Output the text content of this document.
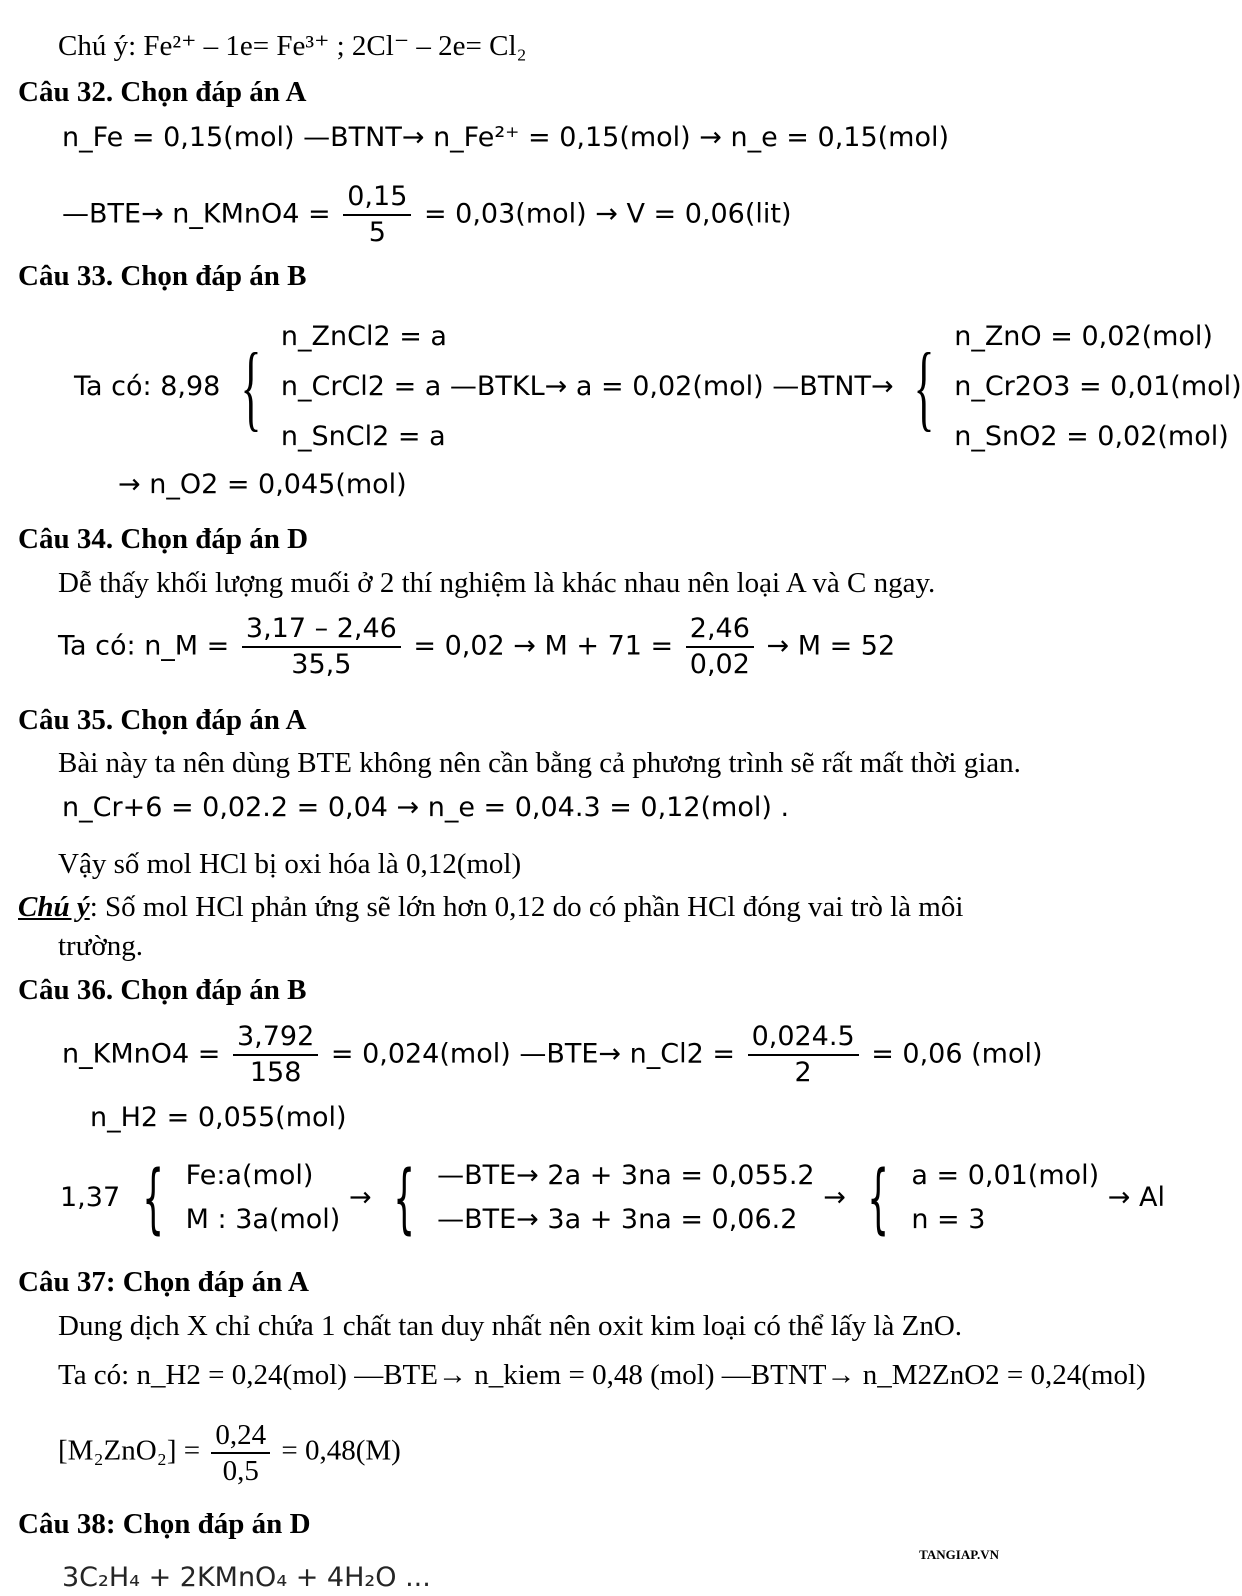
Chú ý: Fe²⁺ – 1e= Fe³⁺ ; 2Cl⁻ – 2e= Cl₂
Câu 32. Chọn đáp án A
n_Fe = 0,15(mol) —BTNT→ n_Fe²⁺ = 0,15(mol) → n_e = 0,15(mol)
—BTE→ n_KMnO4 = $\frac{0,15}{5} = 0,03(mol) \to V = 0,06(lit)$
Câu 33. Chọn đáp án B
Ta có: 8,98 { n_ZnCl2 = a
n_CrCl2 = a —BTKL→ a = 0,02(mol) —BTNT→
n_SnCl2 = a	{ n_ZnO = 0,02(mol)
n_Cr2O3 = 0,01(mol)
n_SnO2 = 0,02(mol)
→ n_O2 = 0,045(mol)
Câu 34. Chọn đáp án D
Dễ thấy khối lượng muối ở 2 thí nghiệm là khác nhau nên loại A và C ngay.
Ta có: n_M = $\frac{3,17 - 2,46}{35,5} = 0,02 \to M + 71 = \frac{2,46}{0,02} \to M = 52$
Câu 35. Chọn đáp án A
Bài này ta nên dùng BTE không nên cần bằng cả phương trình sẽ rất mất thời gian.
n_Cr+6 = 0,02.2 = 0,04 → n_e = 0,04.3 = 0,12(mol) .
Vậy số mol HCl bị oxi hóa là 0,12(mol)
Chú ý: Số mol HCl phản ứng sẽ lớn hơn 0,12 do có phần HCl đóng vai trò là môi
trường.
Câu 36. Chọn đáp án B
n_KMnO4 = $\frac{3,792}{158} = 0,024(mol)$ —BTE→ n_Cl2 = $\frac{0,024.5}{2} = 0,06$ (mol)
n_H2 = 0,055(mol)
1,37 { Fe:a(mol)
M : 3a(mol)
→ { —BTE→ 2a + 3na = 0,055.2
—BTE→ 3a + 3na = 0,06.2
→ { a = 0,01(mol)
n = 3
→ Al
Câu 37: Chọn đáp án A
Dung dịch X chỉ chứa 1 chất tan duy nhất nên oxit kim loại có thể lấy là ZnO.
Ta có: n_H2 = 0,24(mol) —BTE→ n_kiem = 0,48 (mol) —BTNT→ n_M2ZnO2 = 0,24(mol)
$[M_2ZnO_2] = \frac{0,24}{0,5} = 0,48(M)$
Câu 38: Chọn đáp án D
TANGIAP.VN
3C₂H₄ + 2KMnO₄ + 4H₂O ...
